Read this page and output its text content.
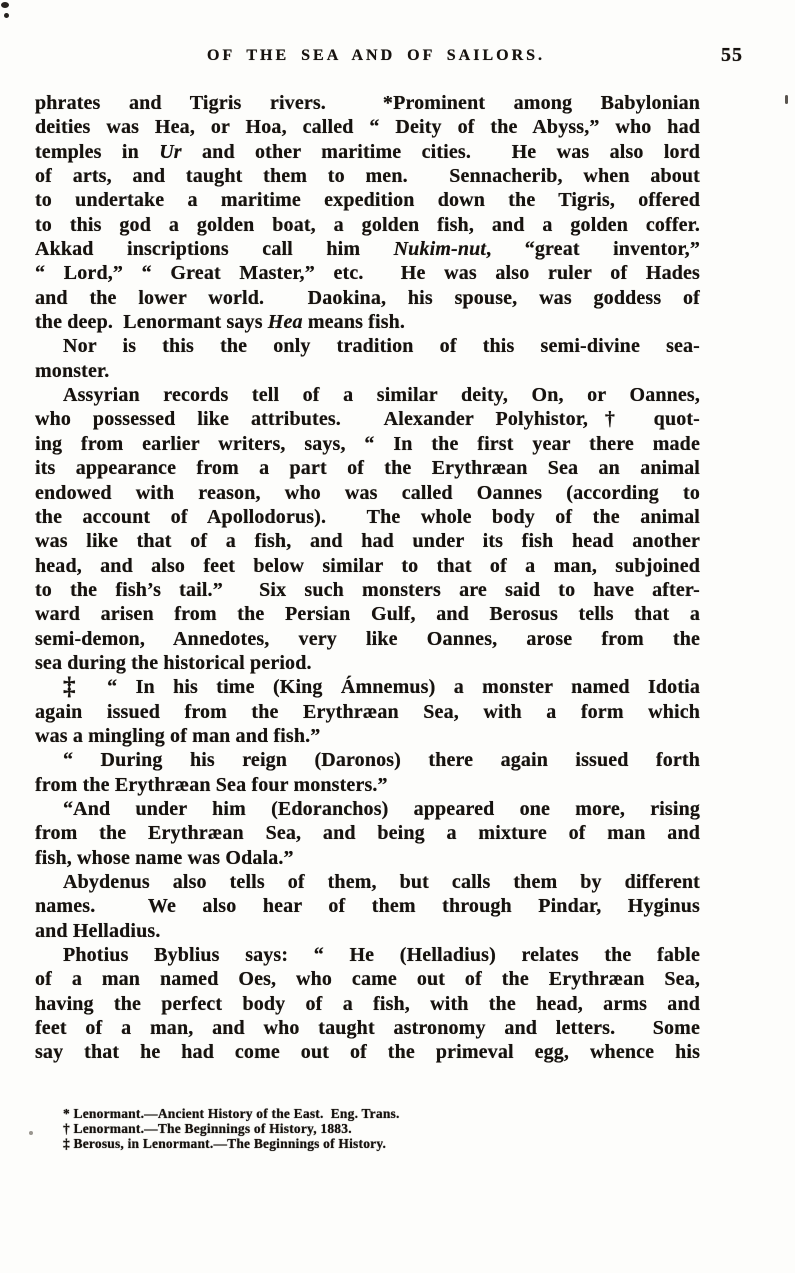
OF THE SEA AND OF SAILORS.	55
phrates and Tigris rivers.  *Prominent among Babylonian
deities was Hea, or Hoa, called “ Deity of the Abyss,” who had
temples in Ur and other maritime cities.  He was also lord
of arts, and taught them to men.  Sennacherib, when about
to undertake a maritime expedition down the Tigris, offered
to this god a golden boat, a golden fish, and a golden coffer.
Akkad inscriptions call him Nukim-nut, “great inventor,”
“ Lord,” “ Great Master,” etc.  He was also ruler of Hades
and the lower world.  Daokina, his spouse, was goddess of
the deep.  Lenormant says Hea means fish.
Nor is this the only tradition of this semi-divine sea-
monster.
Assyrian records tell of a similar deity, On, or Oannes,
who possessed like attributes.  Alexander Polyhistor,† quot-
ing from earlier writers, says, “ In the first year there made
its appearance from a part of the Erythræan Sea an animal
endowed with reason, who was called Oannes (according to
the account of Apollodorus).  The whole body of the animal
was like that of a fish, and had under its fish head another
head, and also feet below similar to that of a man, subjoined
to the fish’s tail.”  Six such monsters are said to have after-
ward arisen from the Persian Gulf, and Berosus tells that a
semi-demon, Annedotes, very like Oannes, arose from the
sea during the historical period.
‡ “ In his time (King Ámnemus) a monster named Idotia
again issued from the Erythræan Sea, with a form which
was a mingling of man and fish.”
“ During his reign (Daronos) there again issued forth
from the Erythræan Sea four monsters.”
“And under him (Edoranchos) appeared one more, rising
from the Erythræan Sea, and being a mixture of man and
fish, whose name was Odala.”
Abydenus also tells of them, but calls them by different
names.  We also hear of them through Pindar, Hyginus
and Helladius.
Photius Byblius says: “ He (Helladius) relates the fable
of a man named Oes, who came out of the Erythræan Sea,
having the perfect body of a fish, with the head, arms and
feet of a man, and who taught astronomy and letters.  Some
say that he had come out of the primeval egg, whence his
* Lenormant.—Ancient History of the East.  Eng. Trans.
† Lenormant.—The Beginnings of History, 1883.
‡ Berosus, in Lenormant.—The Beginnings of History.
